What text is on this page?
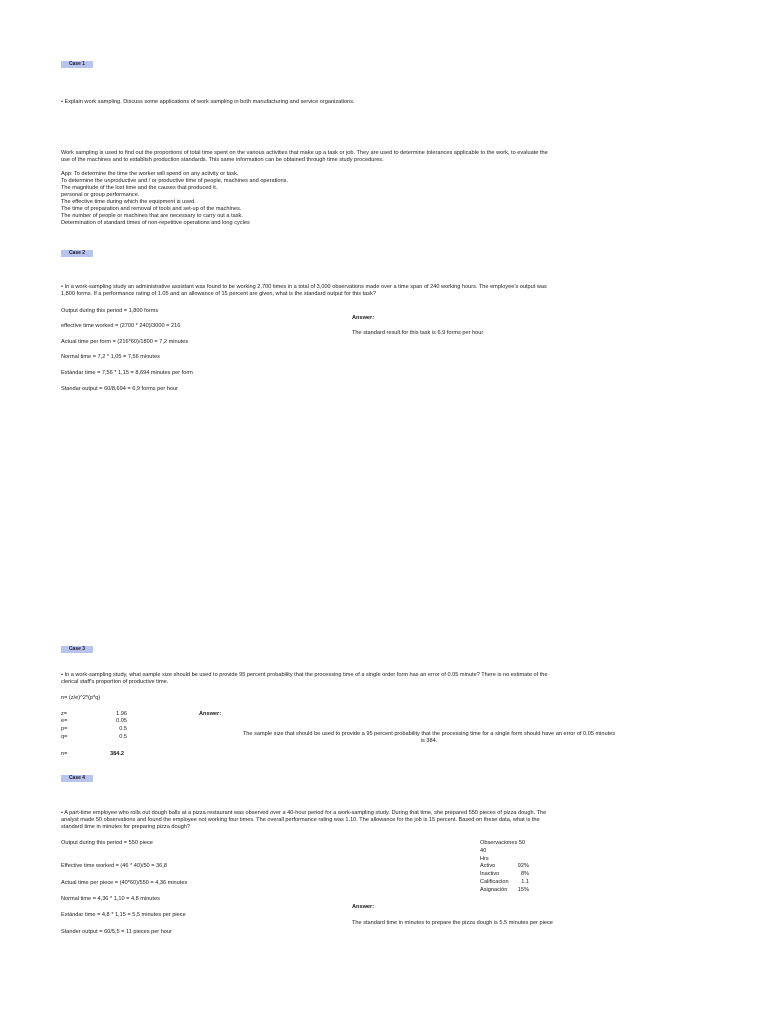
Case 1
• Explain work sampling. Discuss some applications of work sampling in both manufacturing and service organizations.
Work sampling is used to find out the proportions of total time spent on the various activities that make up a task or job. They are used to determine tolerances applicable to the work, to evaluate the
use of the machines and to establish production standards. This same information can be obtained through time study procedures.
App: To determine the time the worker will spend on any activity or task.
To determine the unproductive and / or productive time of people, machines and operations.
The magnitude of the lost time and the causes that produced it.
personal or group performance.
The effective time during which the equipment is used.
The time of preparation and removal of tools and set-up of the machines.
The number of people or machines that are necessary to carry out a task.
Determination of standard times of non-repetitive operations and long cycles
Case 2
• In a work-sampling study an administrative assistant was found to be working 2,700 times in a total of 3,000 observations made over a time span of 240 working hours. The employee's output was
1,800 forms. If a performance rating of 1.05 and an allowance of 15 percent are given, what is the standard output for this task?
Output during this period = 1,800 forms
effective time worked = (2700 * 240)/3000 = 216
Actual time per form = (216*60)/1800 = 7,2 minutes
Normal time = 7,2 * 1,05 = 7,56 minutes
Estándar time = 7,56 * 1,15 = 8,694 minutes per form
Standar output = 60/8,694 = 6,9 forms per hour
Answer:
The standard result for this task is 6.9 forms per hour
Case 3
• In a work-sampling study, what sample size should be used to provide 95 percent probability that the processing time of a single order form has an error of 0.05 minute? There is no estimate of the
clerical staff's proportion of productive time.
n= (z/e)^2*(p*q)
z=	1.96
e=	0.05
p=	0.5
q=	0.5
n=	384.2
Answer:
The sample size that should be used to provide a 95 percent probability that the processing time for a single form should have an error of 0.05 minutes
is 384.
Case 4
• A part-time employee who rolls out dough balls at a pizza restaurant was observed over a 40-hour period for a work-sampling study. During that time, she prepared 550 pieces of pizza dough. The
analyst made 50 observations and found the employee not working four times. The overall performance rating was 1.10. The allowance for the job is 15 percent. Based on these data, what is the
standard time in minutes for preparing pizza dough?
Output during this period = 550 piece
Effective time worked = (46 * 40)/50 = 36,8
Actual time per piece = (40*60)/550 = 4,36 minutes
Normal time = 4,36 * 1,10 = 4,8 minutes
Estándar time = 4,8 * 1,15 = 5,5 minutes per piece
Stander output = 60/5,5 = 11 pieces per hour
Observaciones 50
40
Hrs
Activo	92%
Inactivo	8%
Calificacion	1.1
Asignación	15%
Answer:
The standard time in minutes to prepare the pizza dough is 5.5 minutes per piece
